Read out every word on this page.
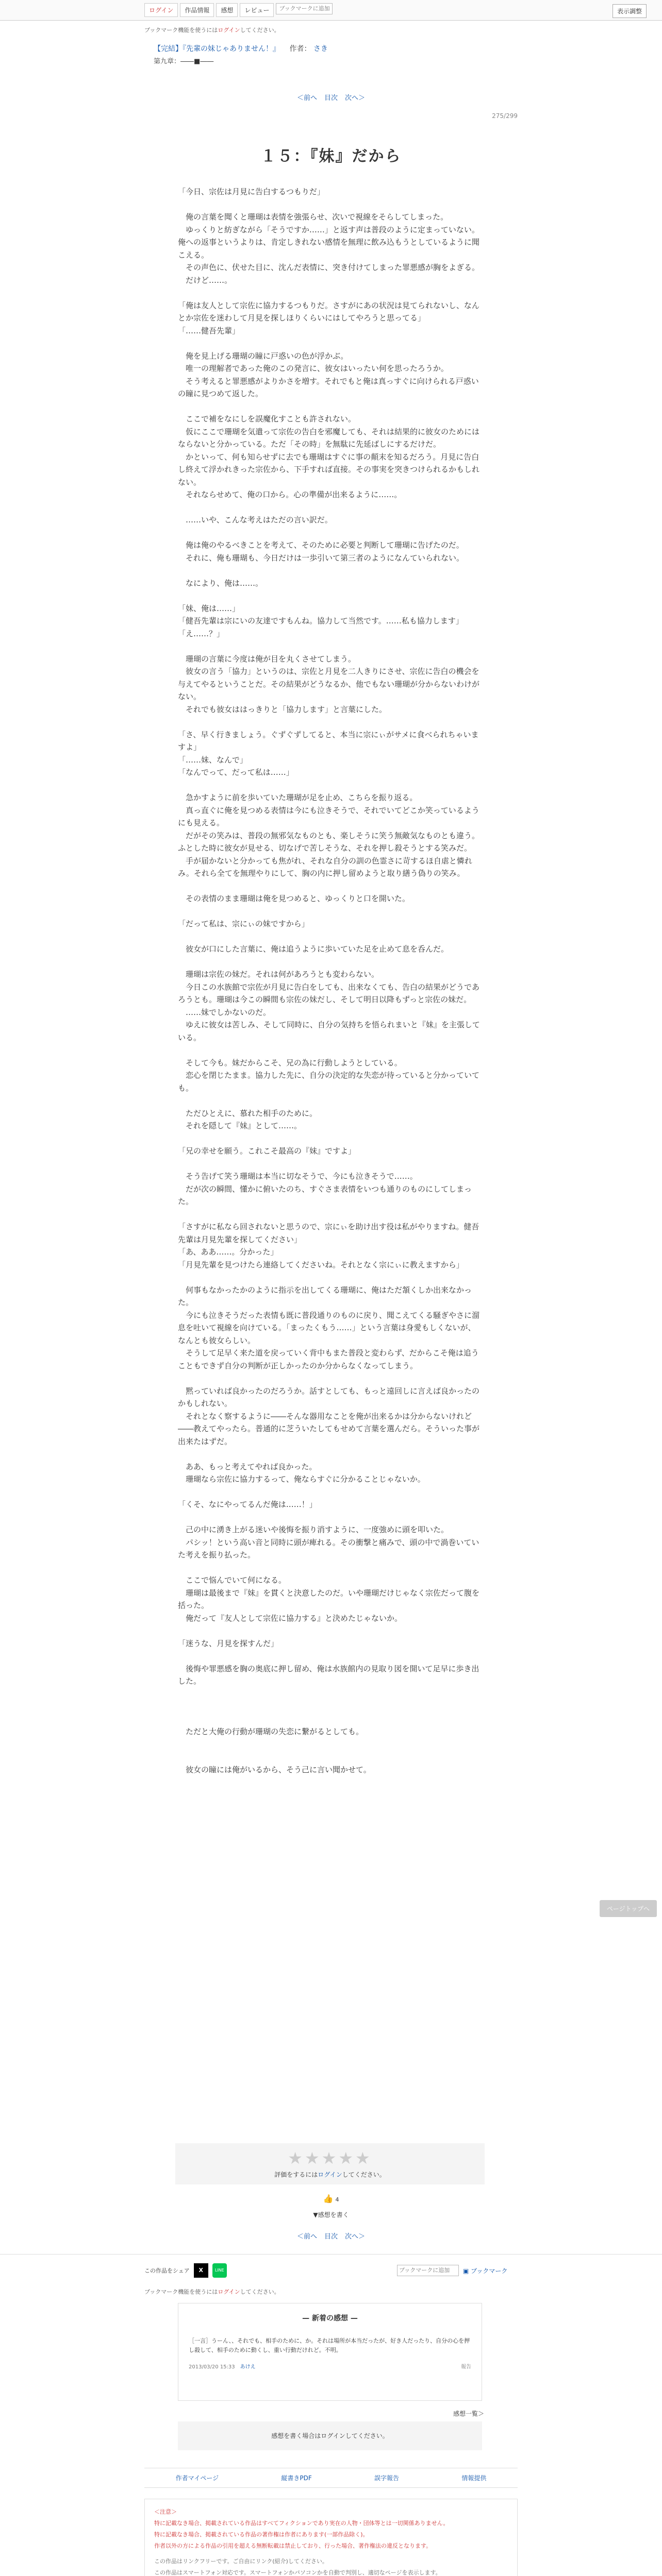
ログイン	作品情報	感想	レビュー
ブックマークに追加	表示調整
ブックマーク機能を使うにはログインしてください。
【完結】『先輩の妹じゃありません！』 作者： さき
第九章：――■――
＜前へ 目次 次へ＞
275/299
１５：『妹』だから

「今日、宗佐は月見に告白するつもりだ」

　俺の言葉を聞くと珊瑚は表情を強張らせ、次いで視線をそらしてしまった。

　ゆっくりと紡ぎながら「そうですか……」と返す声は普段のように定まっていない。俺への返事というよりは、肯定しきれない感情を無理に飲み込もうとしているように聞こえる。

　その声色に、伏せた目に、沈んだ表情に、突き付けてしまった罪悪感が胸をよぎる。

　だけど……。

「俺は友人として宗佐に協力するつもりだ。さすがにあの状況は見てられないし、なんとか宗佐を迷わして月見を探しほりくらいにはしてやろうと思ってる」

「……健吾先輩」

　俺を見上げる珊瑚の瞳に戸惑いの色が浮かぶ。

　唯一の理解者であった俺のこの発言に、彼女はいったい何を思ったろうか。

　そう考えると罪悪感がよりかさを増す。それでもと俺は真っすぐに向けられる戸惑いの瞳に見つめて返した。

　ここで補をなにしを誤魔化すことも許されない。

　仮にここで珊瑚を気遣って宗佐の告白を邪魔しても、それは結果的に彼女のためにはならないと分かっている。ただ「その時」を無駄に先延ばしにするだけだ。

　かといって、何も知らせずに去でも珊瑚はすぐに事の顛末を知るだろう。月見に告白し終えて浮かれきった宗佐から、下手すれば直接。その事実を突きつけられるかもしれない。

　それならせめて、俺の口から。心の準備が出来るように……。

　……いや、こんな考えはただの言い訳だ。

　俺は俺のやるべきことを考えて、そのために必要と判断して珊瑚に告げたのだ。

　それに、俺も珊瑚も、今日だけは一歩引いて第三者のようになんていられない。

　なにより、俺は……。

「妹、俺は……」

「健吾先輩は宗にいの友達ですもんね。協力して当然です。……私も協力します」

「え……？」

　珊瑚の言葉に今度は俺が目を丸くさせてしまう。

　彼女の言う「協力」というのは、宗佐と月見を二人きりにさせ、宗佐に告白の機会を与えてやるということだ。その結果がどうなるか、他でもない珊瑚が分からないわけがない。

　それでも彼女ははっきりと「協力します」と言葉にした。

「さ、早く行きましょう。ぐずぐずしてると、本当に宗にぃがサメに食べられちゃいますよ」

「……妹、なんで」

「なんでって、だって私は……」

　急かすように前を歩いていた珊瑚が足を止め、こちらを振り返る。

　真っ直ぐに俺を見つめる表情は今にも泣きそうで、それでいてどこか笑っているようにも見える。

　だがその笑みは、普段の無邪気なものとも、楽しそうに笑う無敵気なものとも違う。ふとした時に彼女が見せる、切なげで苦しそうな、それを押し殺そうとする笑みだ。

　手が届かないと分かっても焦がれ、それな自分の訓の色霊さに苛するほ自虐と憐れみ。それら全てを無理やりにして、胸の内に押し留めようと取り繕う偽りの笑み。

　その表情のまま珊瑚は俺を見つめると、ゆっくりと口を開いた。

「だって私は、宗にぃの妹ですから」

　彼女が口にした言葉に、俺は追うように歩いていた足を止めて息を呑んだ。

　珊瑚は宗佐の妹だ。それは何があろうとも変わらない。

　今日この水族館で宗佐が月見に告白をしても、出来なくても、告白の結果がどうであろうとも。珊瑚は今この瞬間も宗佐の妹だし、そして明日以降もずっと宗佐の妹だ。

　……妹でしかないのだ。

　ゆえに彼女は苦しみ、そして同時に、自分の気持ちを悟られまいと『妹』を主張している。

　そして今も。妹だからこそ、兄の為に行動しようとしている。

　恋心を閉じたまま。協力した先に、自分の決定的な失恋が待っていると分かっていても。

　ただひとえに、慕れた相手のために。

　それを隠して『妹』として……。

「兄の幸せを願う。これこそ最高の『妹』ですよ」

　そう告げて笑う珊瑚は本当に切なそうで、今にも泣きそうで……。

　だが次の瞬間、懂かに俯いたのち、すぐさま表情をいつも通りのものにしてしまった。

「さすがに私なら回されないと思うので、宗にぃを助け出す役は私がやりますね。健吾先輩は月見先輩を探してください」

「あ、ああ……。分かった」

「月見先輩を見つけたら連絡してくださいね。それとなく宗にぃに教えますから」

　何事もなかったかのように指示を出してくる珊瑚に、俺はただ頷くしか出来なかった。

　今にも泣きそうだった表情も既に普段通りのものに戻り、聞こえてくる騒ぎやさに溜息を吐いて視線を向けている。「まったくもう……」という言葉は身愛もしくないが、なんとも彼女らしい。

　そうして足早く来た道を戻っていく背中もまた普段と変わらず、だからこそ俺は追うこともできず自分の判断が正しかったのか分からなくなってしまう。

　黙っていれば良かったのだろうか。話すとしても、もっと遠回しに言えば良かったのかもしれない。

　それとなく察するように――そんな器用なことを俺が出来るかは分からないけれど――教えてやったら。普通的に芝ういたしてもせめて言葉を選んだら。そういった事が出来たはずだ。

　ああ、もっと考えてやれば良かった。

　珊瑚なら宗佐に協力するって、俺ならすぐに分かることじゃないか。

「くそ、なにやってるんだ俺は……！」

　己の中に湧き上がる迷いや後悔を振り消すように、一度強めに頭を叩いた。

　パシッ！という高い音と同時に頭が痺れる。その衝撃と痛みで、頭の中で渦巻いていた考えを振り払った。

　ここで悩んでいて何になる。

　珊瑚は最後まで『妹』を貫くと決意したのだ。いや珊瑚だけじゃなく宗佐だって腹を括った。

　俺だって『友人として宗佐に協力する』と決めたじゃないか。

「迷うな、月見を探すんだ」

　後悔や罪悪感を胸の奥底に押し留め、俺は水族館内の見取り図を開いて足早に歩き出した。

　ただと大俺の行動が珊瑚の失恋に繋がるとしても。

　彼女の瞳には俺がいるから、そう己に言い聞かせて。

ページトップへ
★★★★★
評価をするにはログインしてください。
👍 4
▼感想を書く
＜前へ 目次 次へ＞
この作品をシェア	X	LINE
ブックマークに追加	▣ ブックマーク
ブックマーク機能を使うにはログインしてください。
— 新着の感想 —
［一言］うーん、、それでも、相手のために、か。それは場所が本当だったが、好き人だったり、自分の心を押し殺して、相手のために動くし、重い行動だけれど。不明。
2013/03/20 15:33　 あけえ	報告
感想一覧＞
感想を書く場合はログインしてください。
作者マイページ	縦書きPDF	誤字報告	情報提供
＜注意＞
特に記載なき場合、掲載されている作品はすべてフィクションであり実在の人物・団体等とは一切関係ありません。
特に記載なき場合、掲載されている作品の著作権は作者にあります(一部作品除く)。
作者以外の方による作品の引用を超える無断転載は禁止しており、行った場合、著作権法の違反となります。
この作品はリンクフリーです。ご自由にリンク(紹介)してください。
この作品はスマートフォン対応です。スマートフォンかパソコンかを自動で判別し、適切なページを表示します。
